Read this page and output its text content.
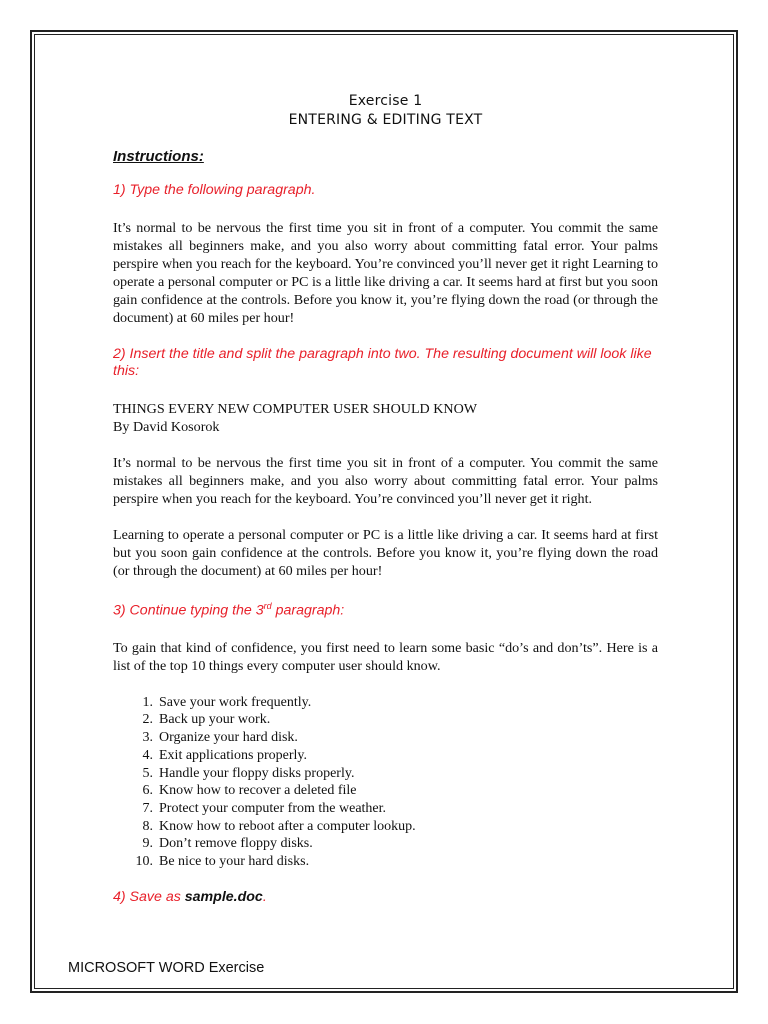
Exercise 1
ENTERING & EDITING TEXT
Instructions:
1) Type the following paragraph.
It’s normal to be nervous the first time you sit in front of a computer. You commit the same mistakes all beginners make, and you also worry about committing fatal error. Your palms perspire when you reach for the keyboard. You’re convinced you’ll never get it right Learning to operate a personal computer or PC is a little like driving a car. It seems hard at first but you soon gain confidence at the controls. Before you know it, you’re flying down the road (or through the document) at 60 miles per hour!
2) Insert the title and split the paragraph into two. The resulting document will look like this:
THINGS EVERY NEW COMPUTER USER SHOULD KNOW
By David Kosorok
It’s normal to be nervous the first time you sit in front of a computer. You commit the same mistakes all beginners make, and you also worry about committing fatal error. Your palms perspire when you reach for the keyboard. You’re convinced you’ll never get it right.
Learning to operate a personal computer or PC is a little like driving a car. It seems hard at first but you soon gain confidence at the controls. Before you know it, you’re flying down the road (or through the document) at 60 miles per hour!
3) Continue typing the 3rd paragraph:
To gain that kind of confidence, you first need to learn some basic “do’s and don’ts”. Here is a list of the top 10 things every computer user should know.
1. Save your work frequently.
2. Back up your work.
3. Organize your hard disk.
4. Exit applications properly.
5. Handle your floppy disks properly.
6. Know how to recover a deleted file
7. Protect your computer from the weather.
8. Know how to reboot after a computer lookup.
9. Don’t remove floppy disks.
10. Be nice to your hard disks.
4) Save as sample.doc.
MICROSOFT WORD Exercise
